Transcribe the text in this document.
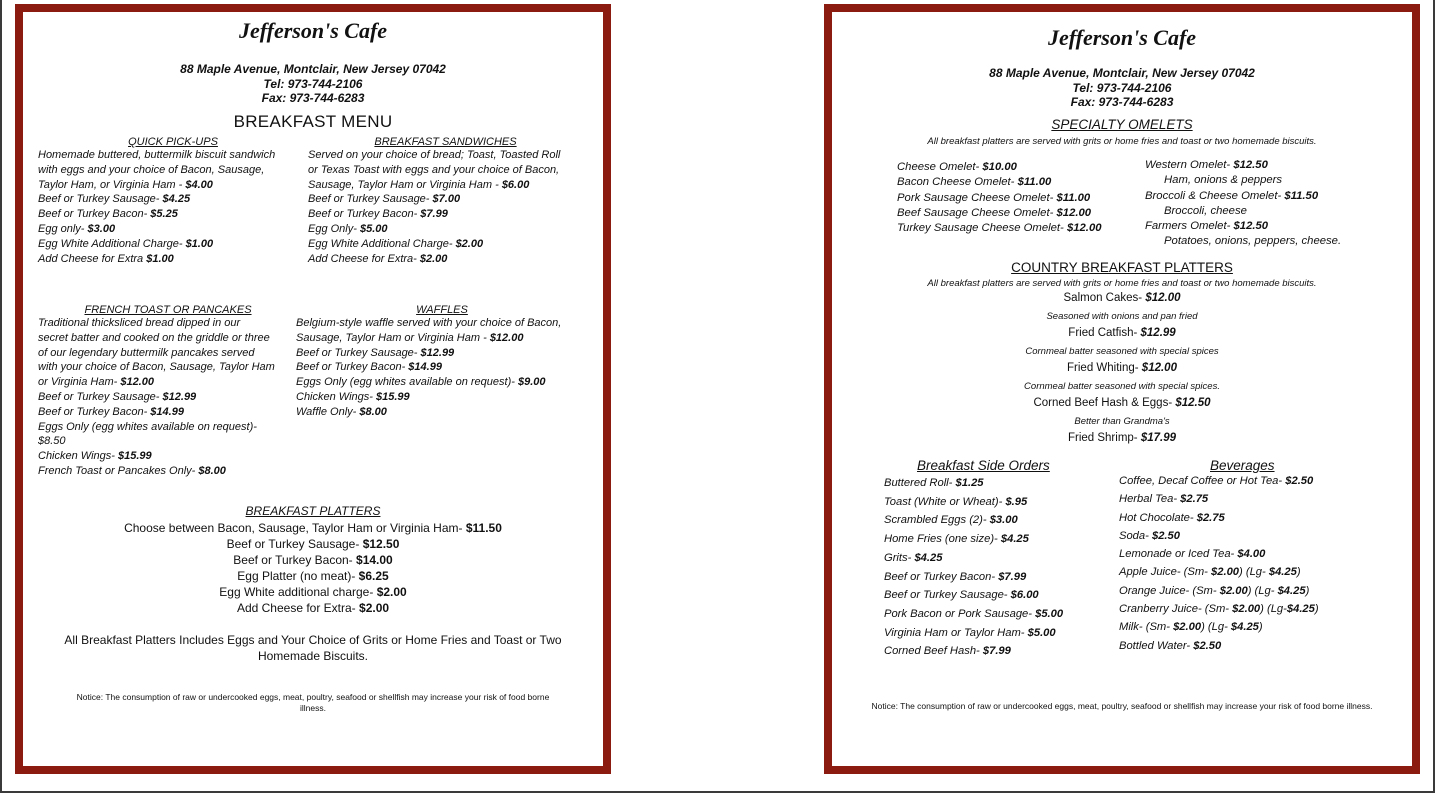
Jefferson's Cafe
88 Maple Avenue, Montclair, New Jersey 07042
Tel: 973-744-2106
Fax: 973-744-6283
BREAKFAST MENU
QUICK PICK-UPS
Homemade buttered, buttermilk biscuit sandwich
with eggs and your choice of Bacon, Sausage,
Taylor Ham, or Virginia Ham - $4.00
Beef or Turkey Sausage- $4.25
Beef or Turkey Bacon- $5.25
Egg only- $3.00
Egg White Additional Charge- $1.00
Add Cheese for Extra $1.00
BREAKFAST SANDWICHES
Served on your choice of bread; Toast, Toasted Roll
or Texas Toast with eggs and your choice of Bacon,
Sausage, Taylor Ham or Virginia Ham - $6.00
Beef or Turkey Sausage- $7.00
Beef or Turkey Bacon- $7.99
Egg Only- $5.00
Egg White Additional Charge- $2.00
Add Cheese for Extra- $2.00
FRENCH TOAST OR PANCAKES
Traditional thicksliced bread dipped in our
secret batter and cooked on the griddle or three
of our legendary buttermilk pancakes served
with your choice of Bacon, Sausage, Taylor Ham
or Virginia Ham- $12.00
Beef or Turkey Sausage- $12.99
Beef or Turkey Bacon- $14.99
Eggs Only (egg whites available on request)-
$8.50
Chicken Wings- $15.99
French Toast or Pancakes Only- $8.00
WAFFLES
Belgium-style waffle served with your choice of Bacon,
Sausage, Taylor Ham or Virginia Ham - $12.00
Beef or Turkey Sausage- $12.99
Beef or Turkey Bacon- $14.99
Eggs Only (egg whites available on request)- $9.00
Chicken Wings- $15.99
Waffle Only- $8.00
BREAKFAST PLATTERS
Choose between Bacon, Sausage, Taylor Ham or Virginia Ham- $11.50
Beef or Turkey Sausage- $12.50
Beef or Turkey Bacon- $14.00
Egg Platter (no meat)- $6.25
Egg White additional charge- $2.00
Add Cheese for Extra- $2.00
All Breakfast Platters Includes Eggs and Your Choice of Grits or Home Fries and Toast or Two
Homemade Biscuits.
Notice: The consumption of raw or undercooked eggs, meat, poultry, seafood or shellfish may increase your risk of food borne
illness.
Jefferson's Cafe
88 Maple Avenue, Montclair, New Jersey 07042
Tel: 973-744-2106
Fax: 973-744-6283
SPECIALTY OMELETS
All breakfast platters are served with grits or home fries and toast or two homemade biscuits.
Cheese Omelet- $10.00
Bacon Cheese Omelet- $11.00
Pork Sausage Cheese Omelet- $11.00
Beef Sausage Cheese Omelet- $12.00
Turkey Sausage Cheese Omelet- $12.00
Western Omelet- $12.50
Ham, onions & peppers
Broccoli & Cheese Omelet- $11.50
Broccoli, cheese
Farmers Omelet- $12.50
Potatoes, onions, peppers, cheese.
COUNTRY BREAKFAST PLATTERS
All breakfast platters are served with grits or home fries and toast or two homemade biscuits.
Salmon Cakes- $12.00
Seasoned with onions and pan fried
Fried Catfish- $12.99
Cornmeal batter seasoned with special spices
Fried Whiting- $12.00
Cornmeal batter seasoned with special spices.
Corned Beef Hash & Eggs- $12.50
Better than Grandma's
Fried Shrimp- $17.99
Breakfast Side Orders
Buttered Roll- $1.25
Toast (White or Wheat)- $.95
Scrambled Eggs (2)- $3.00
Home Fries (one size)- $4.25
Grits- $4.25
Beef or Turkey Bacon- $7.99
Beef or Turkey Sausage- $6.00
Pork Bacon or Pork Sausage- $5.00
Virginia Ham or Taylor Ham- $5.00
Corned Beef Hash- $7.99
Beverages
Coffee, Decaf Coffee or Hot Tea- $2.50
Herbal Tea- $2.75
Hot Chocolate- $2.75
Soda- $2.50
Lemonade or Iced Tea- $4.00
Apple Juice- (Sm- $2.00) (Lg- $4.25)
Orange Juice- (Sm- $2.00) (Lg- $4.25)
Cranberry Juice- (Sm- $2.00) (Lg-$4.25)
Milk- (Sm- $2.00) (Lg- $4.25)
Bottled Water- $2.50
Notice: The consumption of raw or undercooked eggs, meat, poultry, seafood or shellfish may increase your risk of food borne illness.
